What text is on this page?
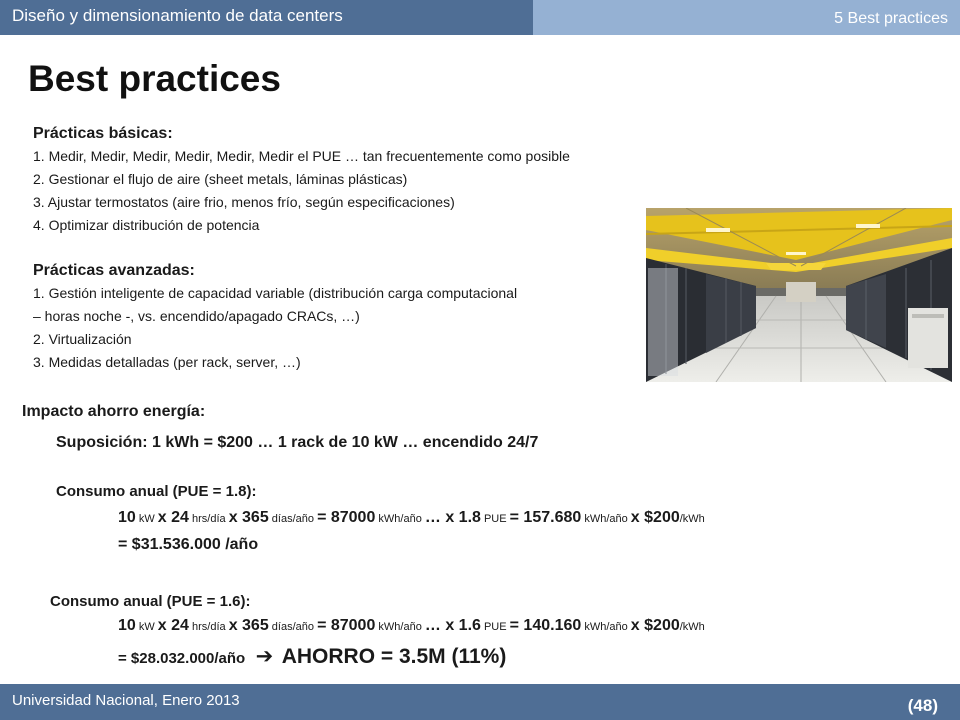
Diseño y dimensionamiento de data centers	5 Best practices
Best practices
Prácticas básicas:
1. Medir, Medir, Medir, Medir, Medir, Medir el PUE … tan frecuentemente como posible
2. Gestionar el flujo de aire (sheet metals, láminas plásticas)
3. Ajustar termostatos (aire frio, menos frío, según especificaciones)
4. Optimizar distribución de potencia
Prácticas avanzadas:
1. Gestión inteligente de capacidad variable (distribución carga computacional
– horas noche -, vs. encendido/apagado CRACs, …)
2. Virtualización
3. Medidas detalladas (per rack, server, …)
Impacto ahorro energía:
Suposición: 1 kWh = $200 … 1 rack de 10 kW … encendido 24/7
Consumo anual (PUE = 1.8):
10 kW x 24 hrs/día x 365 días/año = 87000 kWh/año … x 1.8 PUE = 157.680 kWh/año x $200/kWh
= $31.536.000 /año
Consumo anual (PUE = 1.6):
10 kW x 24 hrs/día x 365 días/año = 87000 kWh/año … x 1.6 PUE = 140.160 kWh/año x $200/kWh
= $28.032.000/año ➔ AHORRO = 3.5M (11%)
Universidad Nacional, Enero 2013	(48)
